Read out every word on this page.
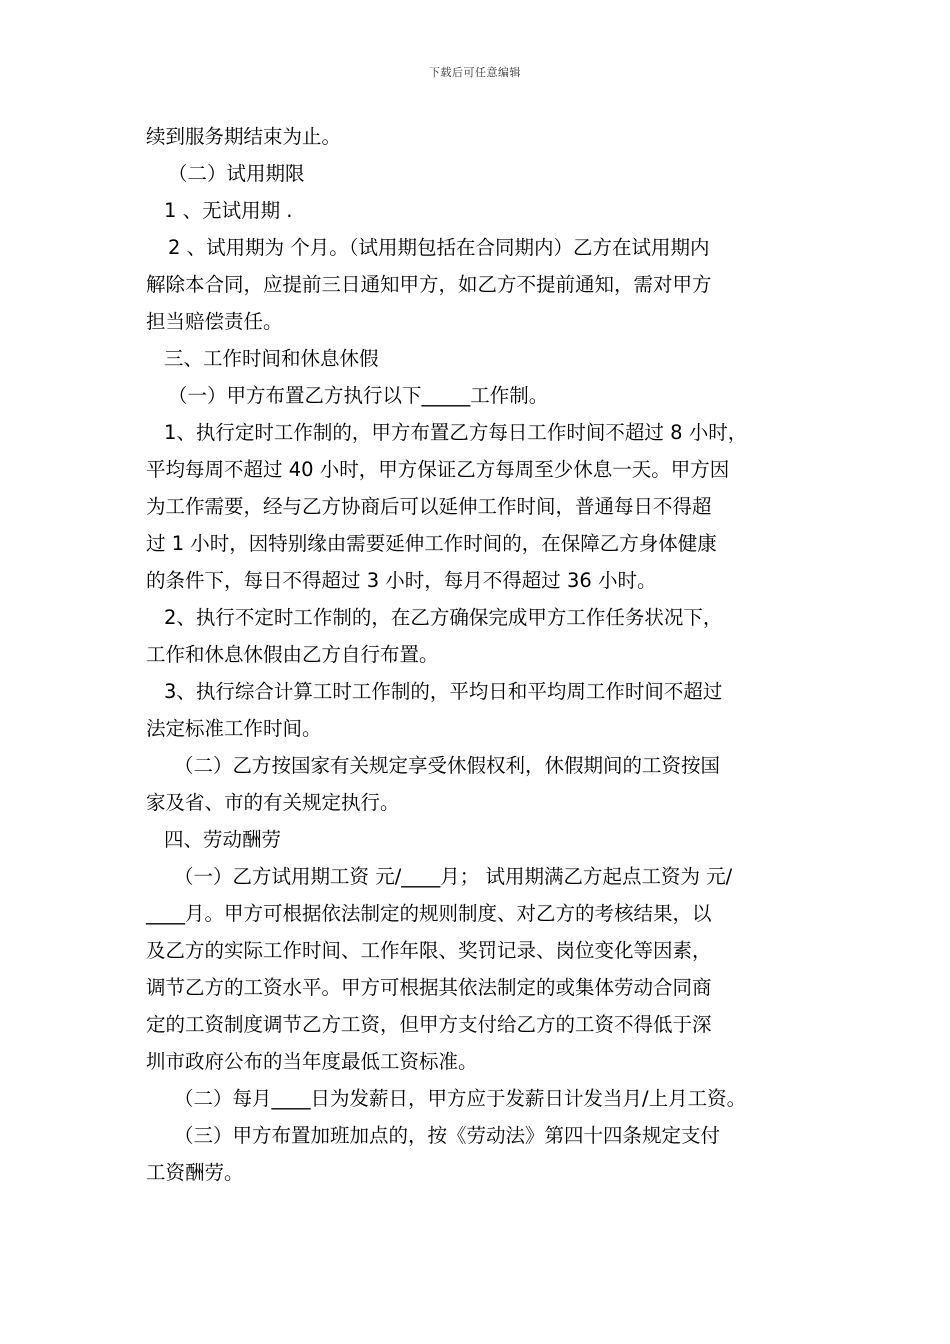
下载后可任意编辑
续到服务期结束为止。
（二）试用期限
1 、无试用期 .
2 、试用期为 个月。（试用期包括在合同期内）乙方在试用期内
解除本合同，应提前三日通知甲方，如乙方不提前通知，需对甲方
担当赔偿责任。
三、工作时间和休息休假
（一）甲方布置乙方执行以下_____工作制。
1、执行定时工作制的，甲方布置乙方每日工作时间不超过 8 小时，
平均每周不超过 40 小时，甲方保证乙方每周至少休息一天。甲方因
为工作需要，经与乙方协商后可以延伸工作时间，普通每日不得超
过 1 小时，因特别缘由需要延伸工作时间的，在保障乙方身体健康
的条件下，每日不得超过 3 小时，每月不得超过 36 小时。
2、执行不定时工作制的，在乙方确保完成甲方工作任务状况下，
工作和休息休假由乙方自行布置。
3、执行综合计算工时工作制的，平均日和平均周工作时间不超过
法定标准工作时间。
（二）乙方按国家有关规定享受休假权利，休假期间的工资按国
家及省、市的有关规定执行。
四、劳动酬劳
（一）乙方试用期工资 元/____月； 试用期满乙方起点工资为 元/
____月。甲方可根据依法制定的规则制度、对乙方的考核结果，以
及乙方的实际工作时间、工作年限、奖罚记录、岗位变化等因素，
调节乙方的工资水平。甲方可根据其依法制定的或集体劳动合同商
定的工资制度调节乙方工资，但甲方支付给乙方的工资不得低于深
圳市政府公布的当年度最低工资标准。
（二）每月____日为发薪日，甲方应于发薪日计发当月/上月工资。
（三）甲方布置加班加点的，按《劳动法》第四十四条规定支付
工资酬劳。
